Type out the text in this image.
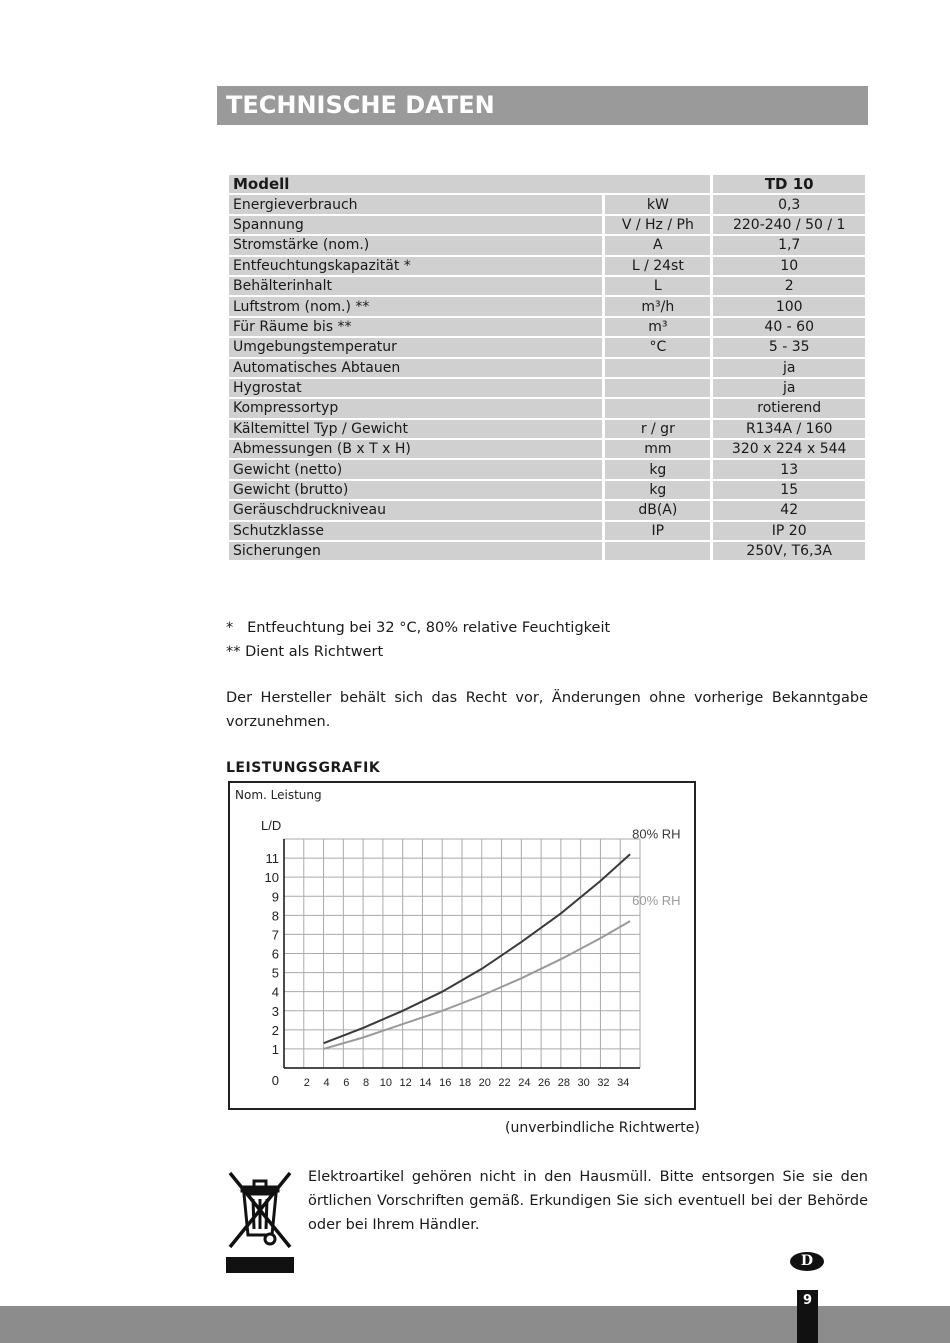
TECHNISCHE DATEN
Modell		TD 10
Energieverbrauch	kW	0,3
Spannung	V / Hz / Ph	220-240 / 50 / 1
Stromstärke (nom.)	A	1,7
Entfeuchtungskapazität *	L / 24st	10
Behälterinhalt	L	2
Luftstrom (nom.) **	m³/h	100
Für Räume bis **	m³	40 - 60
Umgebungstemperatur	°C	5 - 35
Automatisches Abtauen		ja
Hygrostat		ja
Kompressortyp		rotierend
Kältemittel Typ / Gewicht	r / gr	R134A / 160
Abmessungen (B x T x H)	mm	320 x 224 x 544
Gewicht (netto)	kg	13
Gewicht (brutto)	kg	15
Geräuschdruckniveau	dB(A)	42
Schutzklasse	IP	IP 20
Sicherungen		250V, T6,3A
*   Entfeuchtung bei 32 °C, 80% relative Feuchtigkeit
** Dient als Richtwert
Der Hersteller behält sich das Recht vor, Änderungen ohne vorherige Bekanntgabe vorzunehmen.
LEISTUNGSGRAFIK
Nom. Leistung
L/D
0
1
2
3
4
5
6
7
8
9
10
11
2 4 6 8 10 12 14 16 18 20 22 24 26 28 30 32 34
80% RH
60% RH
(unverbindliche Richtwerte)
Elektroartikel gehören nicht in den Hausmüll. Bitte entsorgen Sie sie den örtlichen Vorschriften gemäß. Erkundigen Sie sich eventuell bei der Behörde oder bei Ihrem Händler.
D
9
